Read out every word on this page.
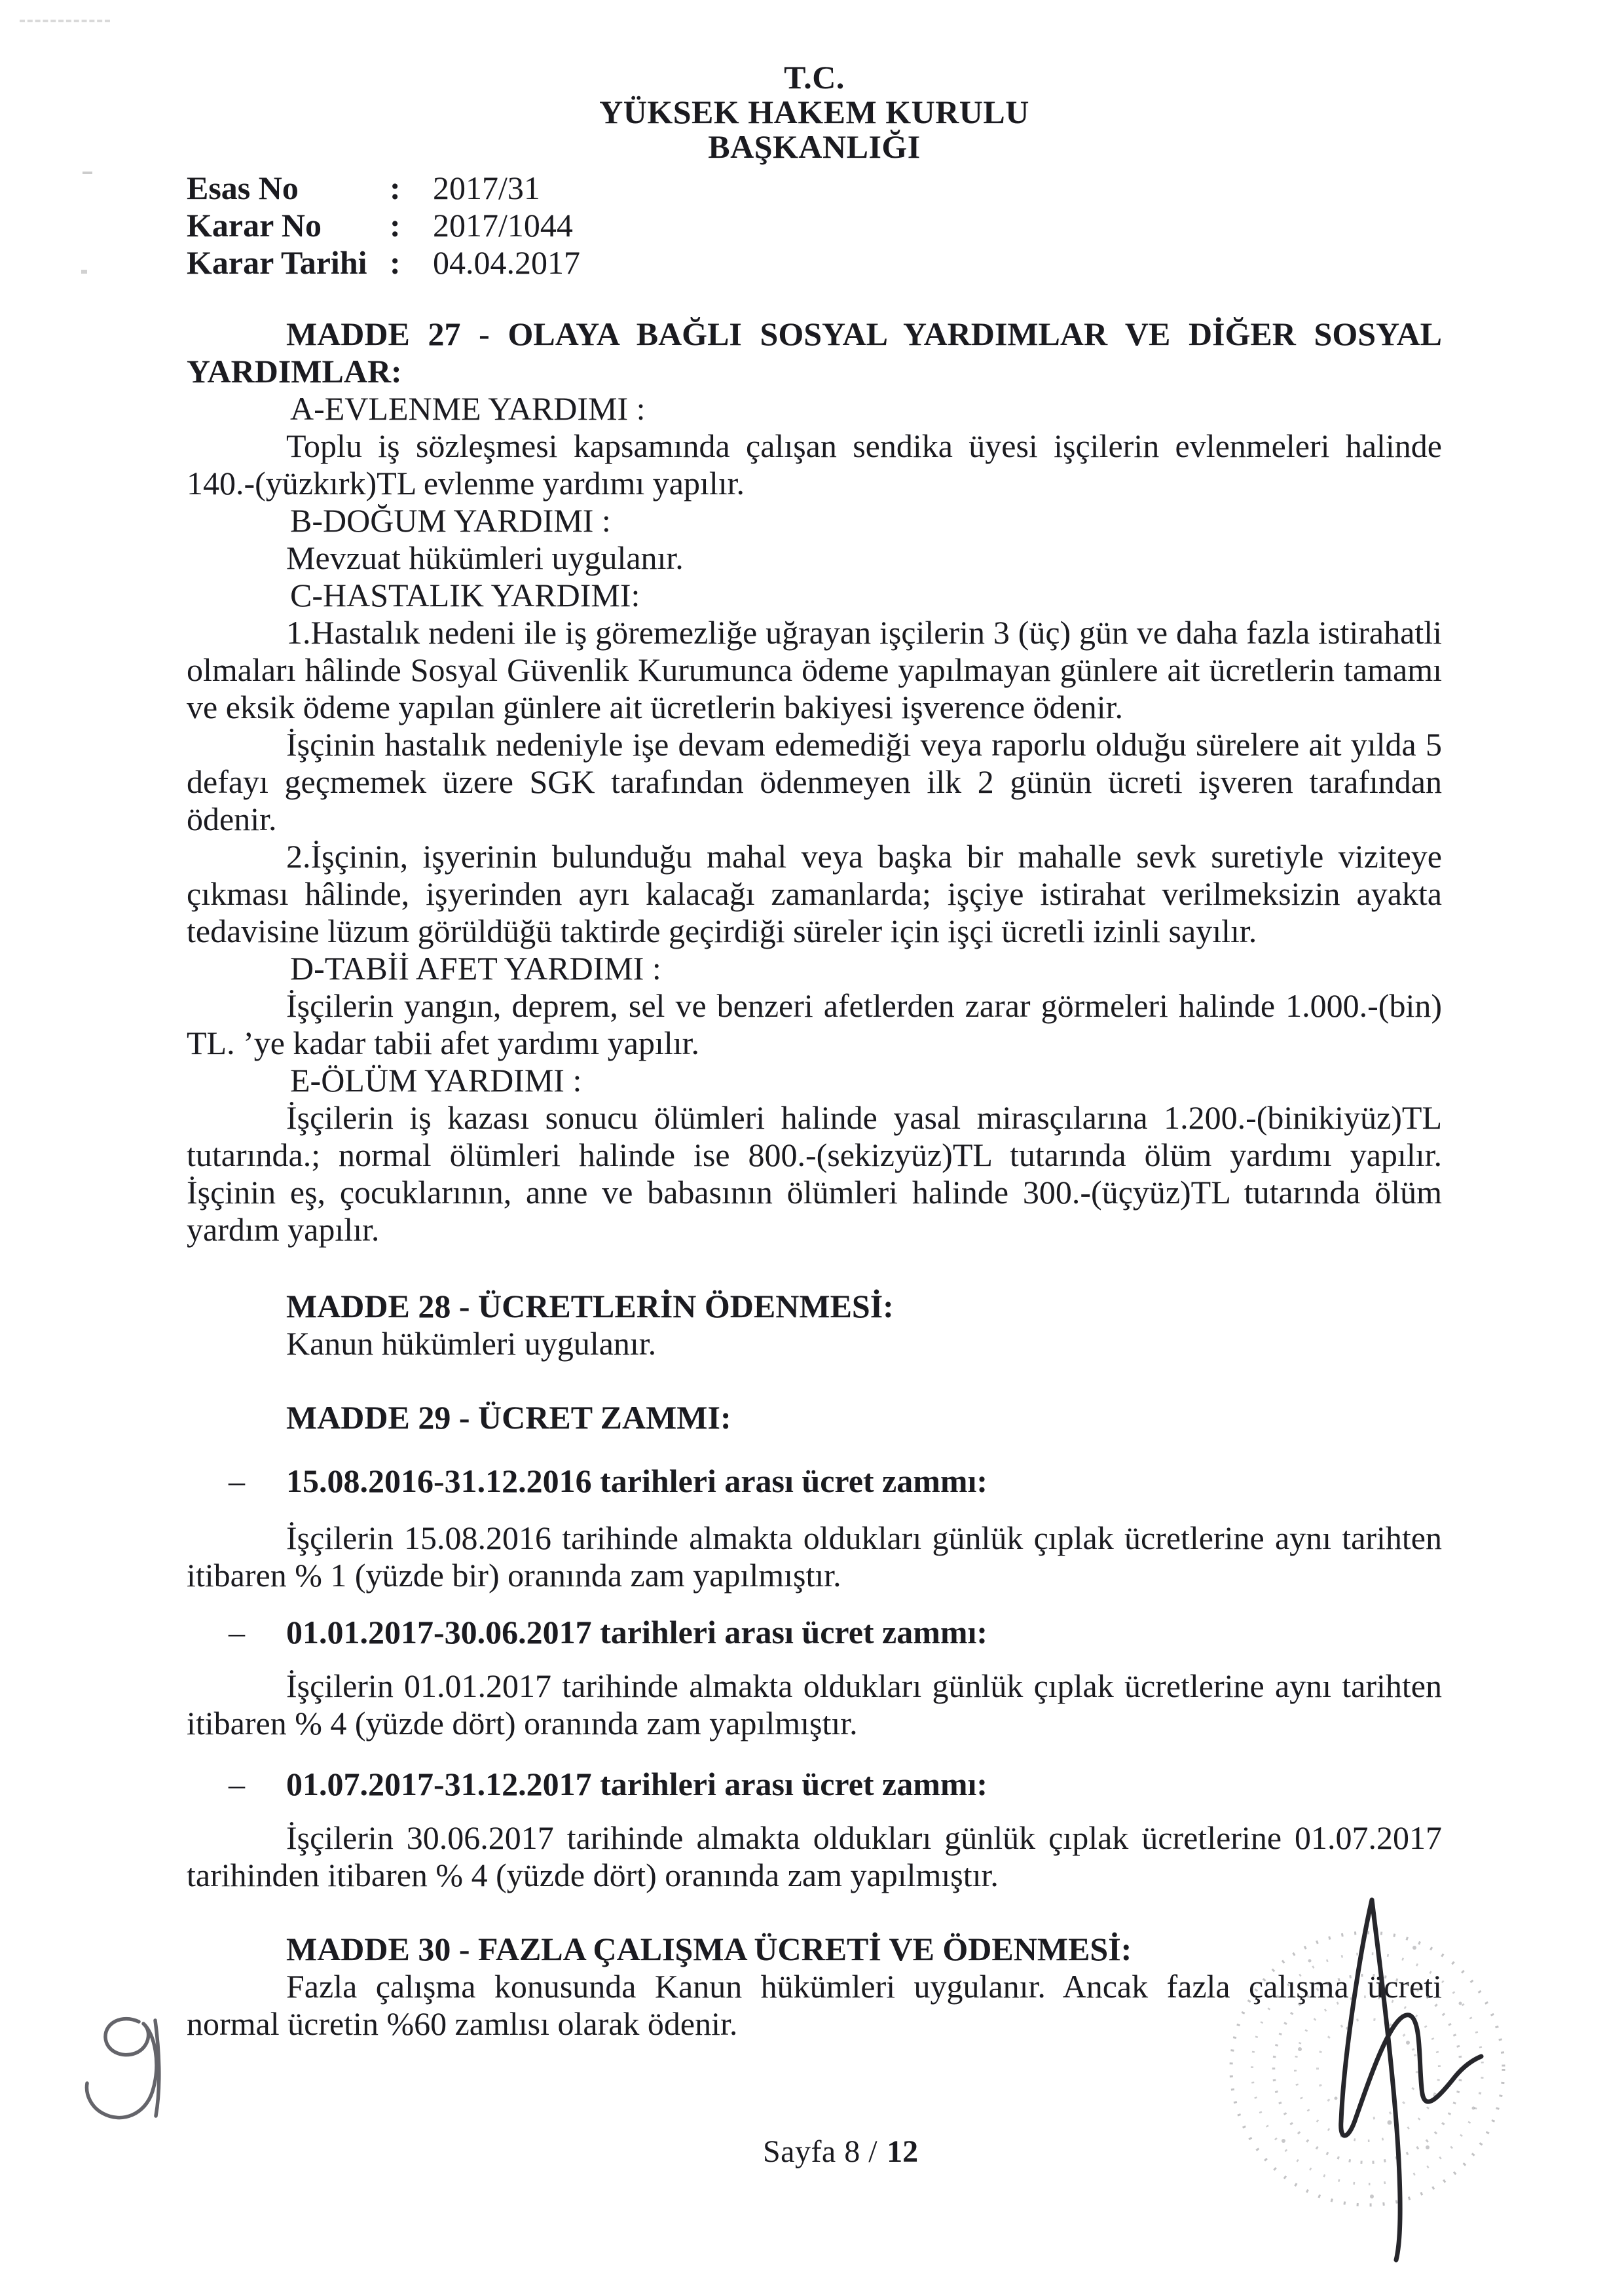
T.C.
YÜKSEK HAKEM KURULU
BAŞKANLIĞI
Esas No	: 2017/31
Karar No	: 2017/1044
Karar Tarihi : 04.04.2017
MADDE 27 - OLAYA BAĞLI SOSYAL YARDIMLAR VE DİĞER SOSYAL
YARDIMLAR:
A-EVLENME YARDIMI :
Toplu iş sözleşmesi kapsamında çalışan sendika üyesi işçilerin evlenmeleri halinde 140.-(yüzkırk)TL evlenme yardımı yapılır.
B-DOĞUM YARDIMI :
Mevzuat hükümleri uygulanır.
C-HASTALIK YARDIMI:
1.Hastalık nedeni ile iş göremezliğe uğrayan işçilerin 3 (üç) gün ve daha fazla istirahatli olmaları hâlinde Sosyal Güvenlik Kurumunca ödeme yapılmayan günlere ait ücretlerin tamamı ve eksik ödeme yapılan günlere ait ücretlerin bakiyesi işverence ödenir.
İşçinin hastalık nedeniyle işe devam edemediği veya raporlu olduğu sürelere ait yılda 5 defayı geçmemek üzere SGK tarafından ödenmeyen ilk 2 günün ücreti işveren tarafından ödenir.
2.İşçinin, işyerinin bulunduğu mahal veya başka bir mahalle sevk suretiyle viziteye çıkması hâlinde, işyerinden ayrı kalacağı zamanlarda; işçiye istirahat verilmeksizin ayakta tedavisine lüzum görüldüğü taktirde geçirdiği süreler için işçi ücretli izinli sayılır.
D-TABİİ AFET YARDIMI :
İşçilerin yangın, deprem, sel ve benzeri afetlerden zarar görmeleri halinde 1.000.-(bin) TL. ’ye kadar tabii afet yardımı yapılır.
E-ÖLÜM YARDIMI :
İşçilerin iş kazası sonucu ölümleri halinde yasal mirasçılarına 1.200.-(binikiyüz)TL tutarında.; normal ölümleri halinde ise 800.-(sekizyüz)TL tutarında ölüm yardımı yapılır. İşçinin eş, çocuklarının, anne ve babasının ölümleri halinde 300.-(üçyüz)TL tutarında ölüm yardım yapılır.
MADDE 28 - ÜCRETLERİN ÖDENMESİ:
Kanun hükümleri uygulanır.
MADDE 29 - ÜCRET ZAMMI:
– 15.08.2016-31.12.2016 tarihleri arası ücret zammı:
İşçilerin 15.08.2016 tarihinde almakta oldukları günlük çıplak ücretlerine aynı tarihten itibaren % 1 (yüzde bir) oranında zam yapılmıştır.
– 01.01.2017-30.06.2017 tarihleri arası ücret zammı:
İşçilerin 01.01.2017 tarihinde almakta oldukları günlük çıplak ücretlerine aynı tarihten itibaren % 4 (yüzde dört) oranında zam yapılmıştır.
– 01.07.2017-31.12.2017 tarihleri arası ücret zammı:
İşçilerin 30.06.2017 tarihinde almakta oldukları günlük çıplak ücretlerine 01.07.2017 tarihinden itibaren % 4 (yüzde dört) oranında zam yapılmıştır.
MADDE 30 - FAZLA ÇALIŞMA ÜCRETİ VE ÖDENMESİ:
Fazla çalışma konusunda Kanun hükümleri uygulanır. Ancak fazla çalışma ücreti normal ücretin %60 zamlısı olarak ödenir.
Sayfa 8 / 12
